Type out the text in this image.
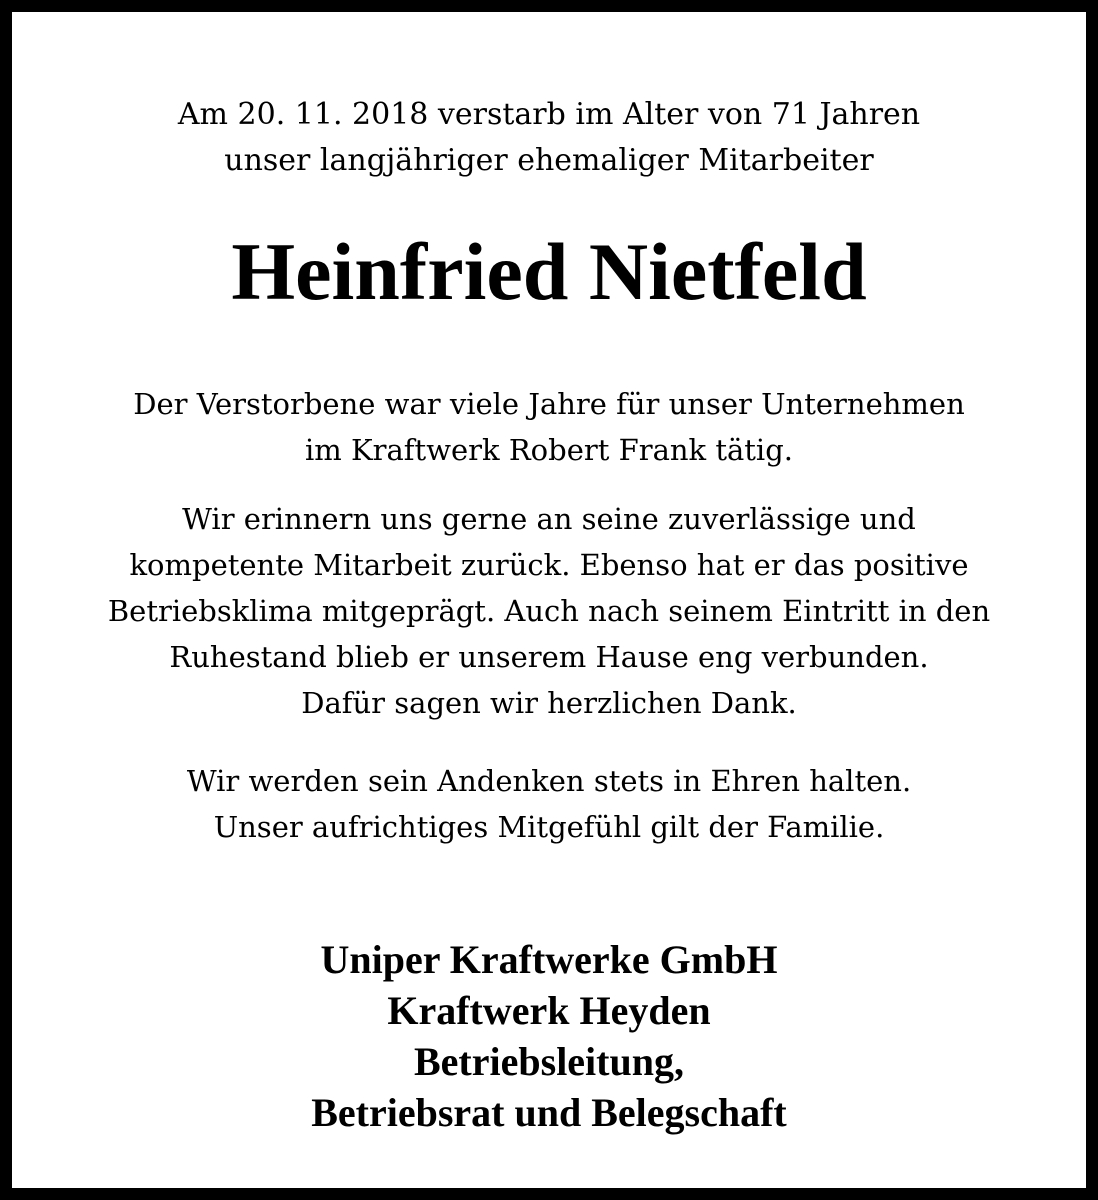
Am 20. 11. 2018 verstarb im Alter von 71 Jahren
unser langjähriger ehemaliger Mitarbeiter
Heinfried Nietfeld
Der Verstorbene war viele Jahre für unser Unternehmen
im Kraftwerk Robert Frank tätig.
Wir erinnern uns gerne an seine zuverlässige und
kompetente Mitarbeit zurück. Ebenso hat er das positive
Betriebsklima mitgeprägt. Auch nach seinem Eintritt in den
Ruhestand blieb er unserem Hause eng verbunden.
Dafür sagen wir herzlichen Dank.
Wir werden sein Andenken stets in Ehren halten.
Unser aufrichtiges Mitgefühl gilt der Familie.
Uniper Kraftwerke GmbH
Kraftwerk Heyden
Betriebsleitung,
Betriebsrat und Belegschaft
